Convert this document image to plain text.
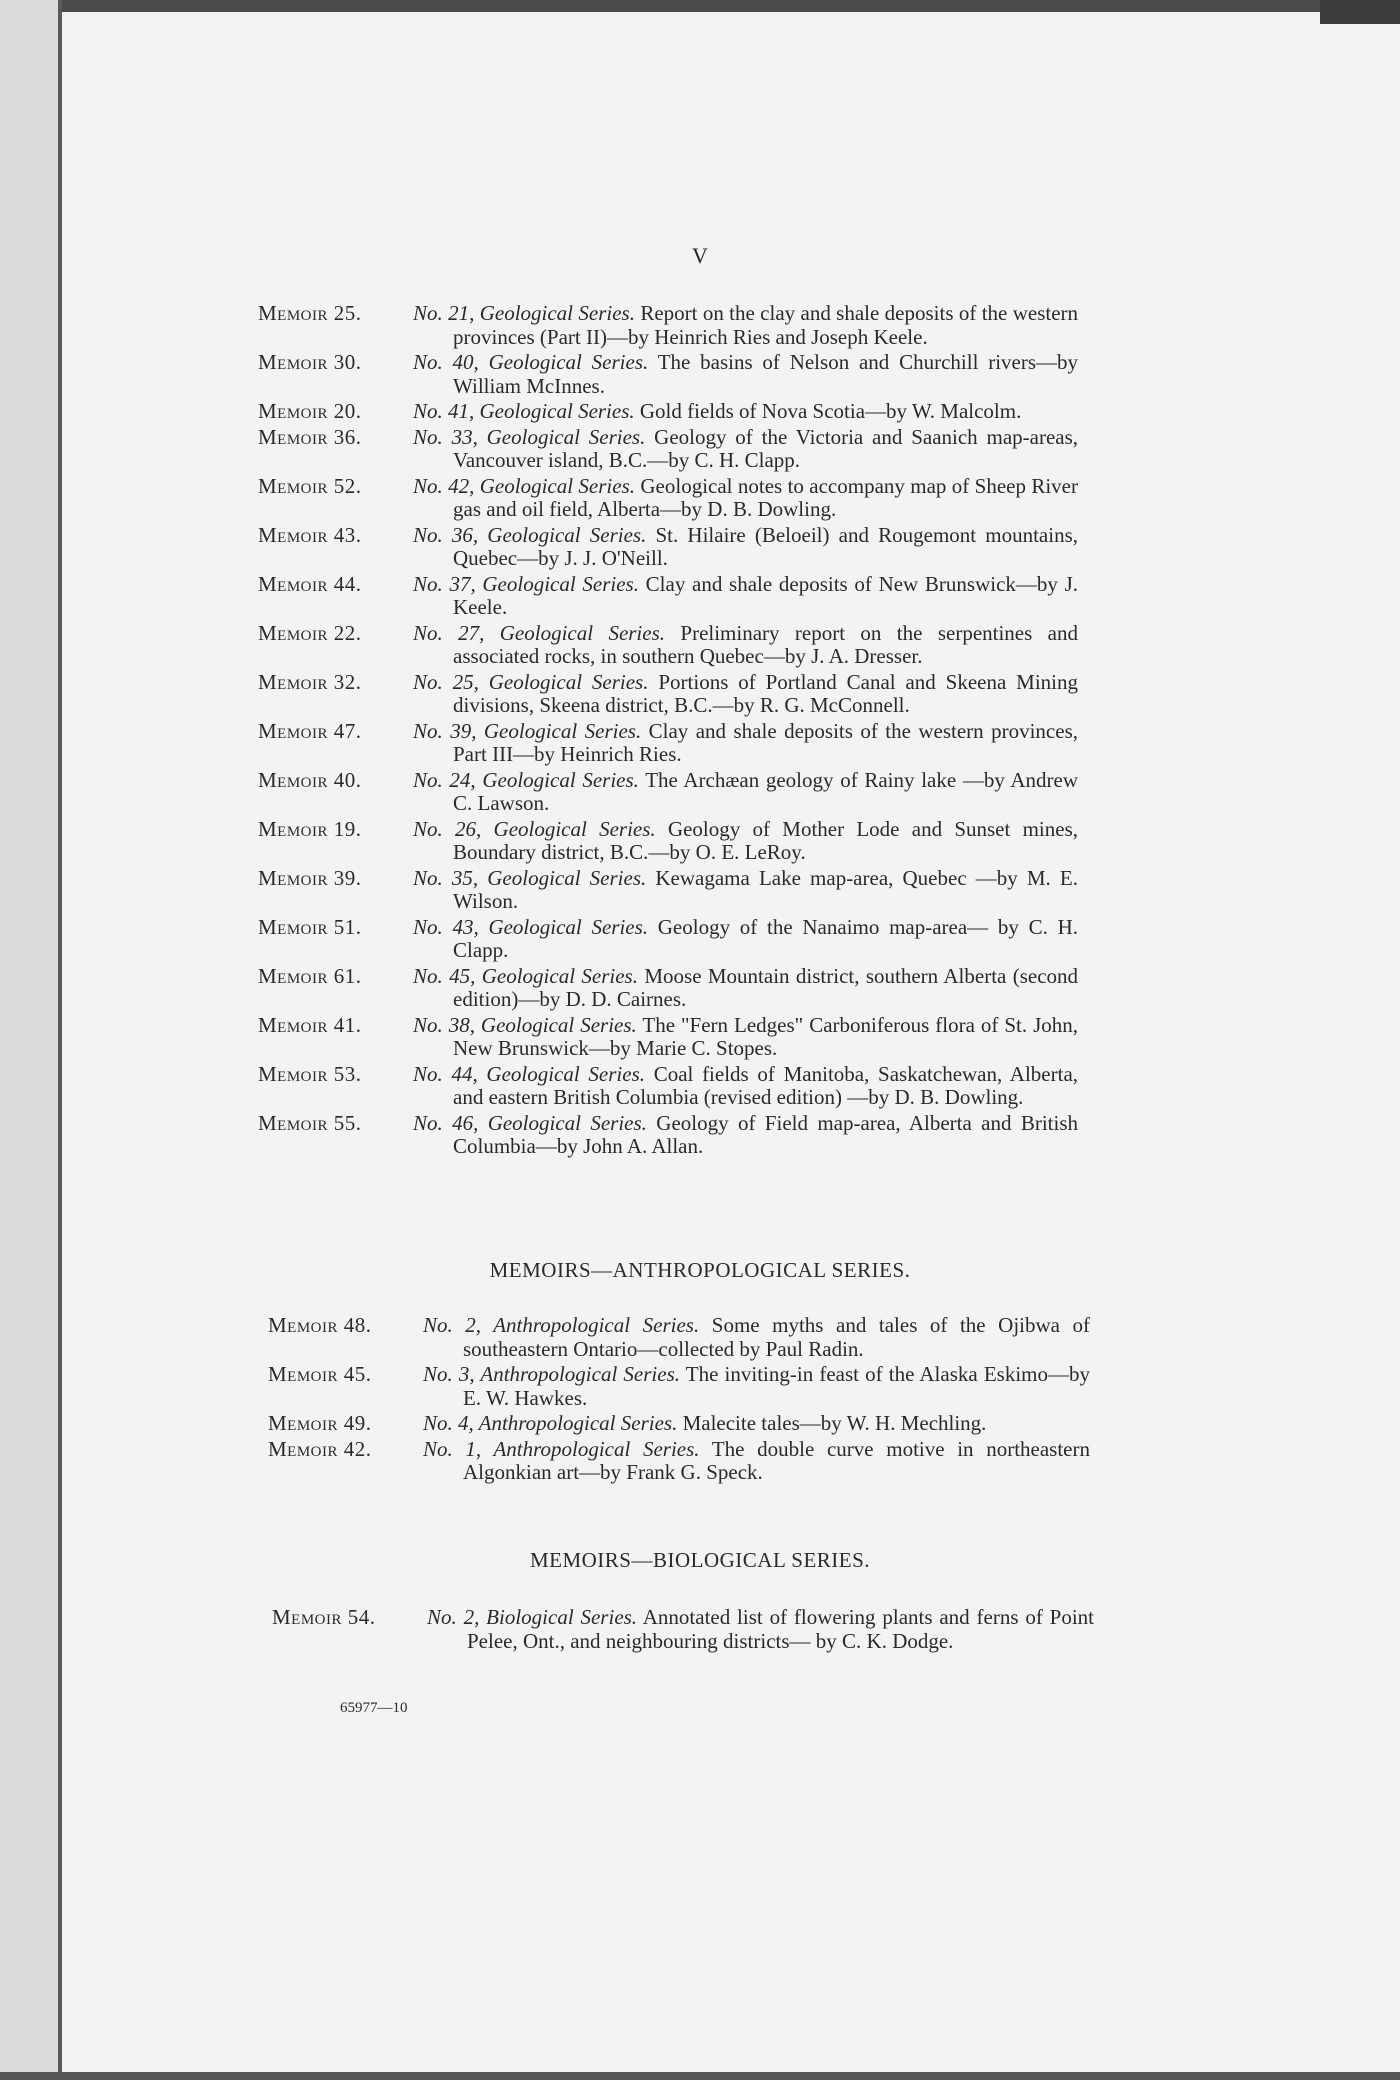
V
Memoir 25.	No. 21, Geological Series. Report on the clay and shale deposits of the western provinces (Part II)—by Heinrich Ries and Joseph Keele.
Memoir 30.	No. 40, Geological Series. The basins of Nelson and Churchill rivers—by William McInnes.
Memoir 20.	No. 41, Geological Series. Gold fields of Nova Scotia—by W. Malcolm.
Memoir 36.	No. 33, Geological Series. Geology of the Victoria and Saanich map-areas, Vancouver island, B.C.—by C. H. Clapp.
Memoir 52.	No. 42, Geological Series. Geological notes to accompany map of Sheep River gas and oil field, Alberta—by D. B. Dowling.
Memoir 43.	No. 36, Geological Series. St. Hilaire (Beloeil) and Rougemont mountains, Quebec—by J. J. O'Neill.
Memoir 44.	No. 37, Geological Series. Clay and shale deposits of New Brunswick—by J. Keele.
Memoir 22.	No. 27, Geological Series. Preliminary report on the serpentines and associated rocks, in southern Quebec—by J. A. Dresser.
Memoir 32.	No. 25, Geological Series. Portions of Portland Canal and Skeena Mining divisions, Skeena district, B.C.—by R. G. McConnell.
Memoir 47.	No. 39, Geological Series. Clay and shale deposits of the western provinces, Part III—by Heinrich Ries.
Memoir 40.	No. 24, Geological Series. The Archæan geology of Rainy lake —by Andrew C. Lawson.
Memoir 19.	No. 26, Geological Series. Geology of Mother Lode and Sunset mines, Boundary district, B.C.—by O. E. LeRoy.
Memoir 39.	No. 35, Geological Series. Kewagama Lake map-area, Quebec —by M. E. Wilson.
Memoir 51.	No. 43, Geological Series. Geology of the Nanaimo map-area— by C. H. Clapp.
Memoir 61.	No. 45, Geological Series. Moose Mountain district, southern Alberta (second edition)—by D. D. Cairnes.
Memoir 41.	No. 38, Geological Series. The "Fern Ledges" Carboniferous flora of St. John, New Brunswick—by Marie C. Stopes.
Memoir 53.	No. 44, Geological Series. Coal fields of Manitoba, Saskatchewan, Alberta, and eastern British Columbia (revised edition) —by D. B. Dowling.
Memoir 55.	No. 46, Geological Series. Geology of Field map-area, Alberta and British Columbia—by John A. Allan.
MEMOIRS—ANTHROPOLOGICAL SERIES.
Memoir 48.	No. 2, Anthropological Series. Some myths and tales of the Ojibwa of southeastern Ontario—collected by Paul Radin.
Memoir 45.	No. 3, Anthropological Series. The inviting-in feast of the Alaska Eskimo—by E. W. Hawkes.
Memoir 49.	No. 4, Anthropological Series. Malecite tales—by W. H. Mechling.
Memoir 42.	No. 1, Anthropological Series. The double curve motive in northeastern Algonkian art—by Frank G. Speck.
MEMOIRS—BIOLOGICAL SERIES.
Memoir 54.	No. 2, Biological Series. Annotated list of flowering plants and ferns of Point Pelee, Ont., and neighbouring districts— by C. K. Dodge.
65977—10
